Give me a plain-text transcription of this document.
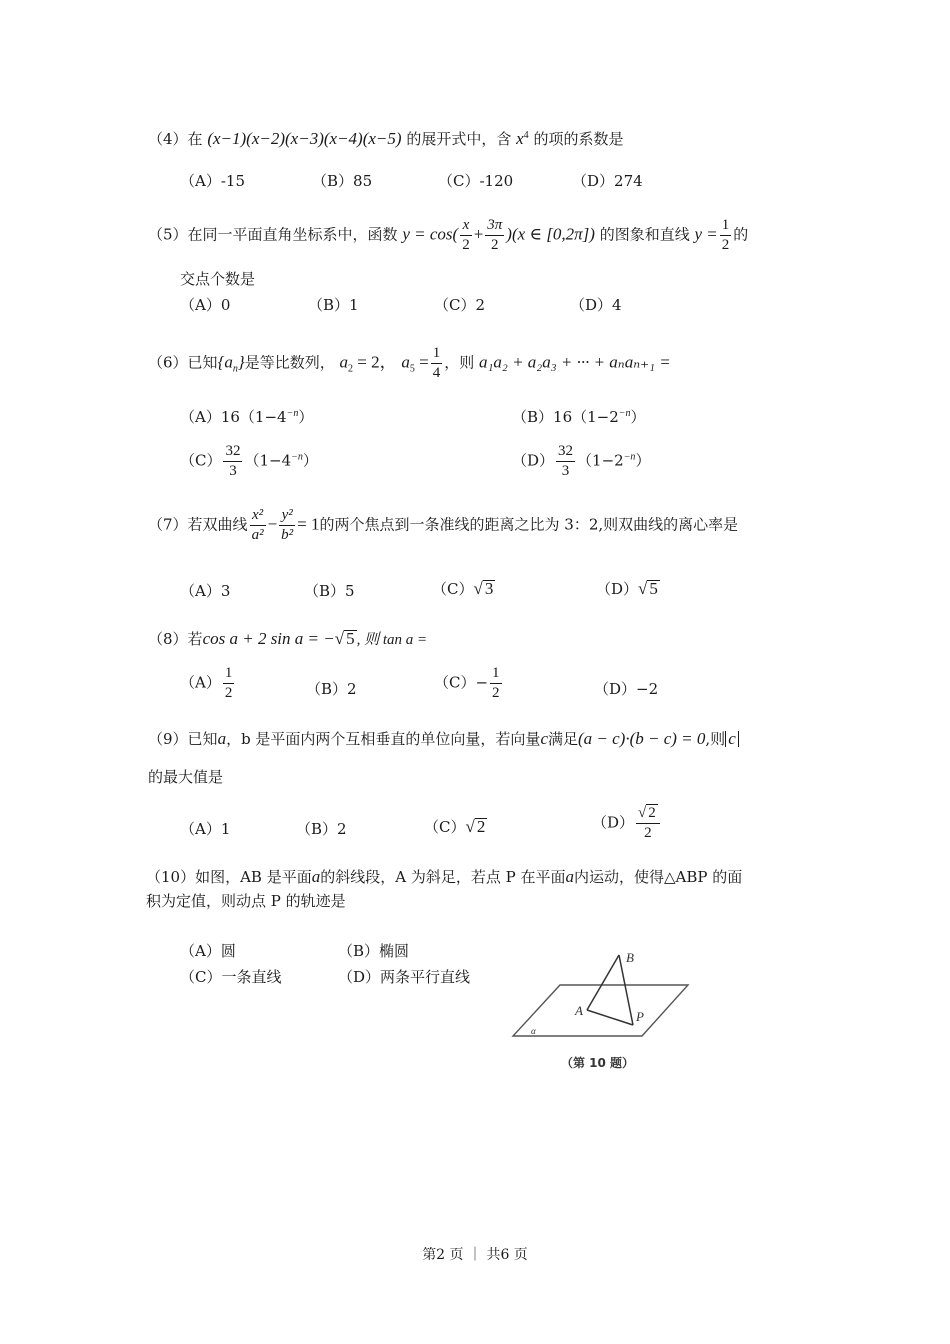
（4）在 (x−1)(x−2)(x−3)(x−4)(x−5) 的展开式中，含 $x^4$ 的项的系数是
（A）-15	（B）85	（C）-120	（D）274
（5）在同一平面直角坐标系中，函数 $y = \cos( \frac{x}{2} + \frac{3\pi}{2} )(x$ ∈ [0,2π]) 的图象和直线 $y = \frac{1}{2}$ 的
交点个数是
（A）0	（B）1	（C）2	（D）4
（6）已知$\{a_n\}$是等比数列， $a_2 = 2$， $a_5 = \frac{1}{4}$ ，则 a₁a₂ + a₂a₃ + ··· + aₙaₙ₊₁ =
$(A)16(1-4^{-n})$	$(B)16(1-2^{-n})$
$(C) \frac{32}{3} (1-4^{-n})$	$(D) \frac{32}{3} (1-2^{-n})$
（7）若双曲线 $\frac{\text{x²}}{\text{a²}} - \frac{\text{y²}}{\text{b²}} = 1$的两个焦点到一条准线的距离之比为 3：2,则双曲线的离心率是
（A）3	（B）5	（C）√ 3	（D）√ 5
（8）若cos a + 2 sin a = −√ 5 , 则 tan a =
$(A) \frac{1}{2}$	（B）2	$(C)- \frac{1}{2}$	（D）−2
（9）已知a，b 是平面内两个互相垂直的单位向量，若向量c满足(a − c)·(b − c) = 0,则 c
的最大值是
（A）1	（B）2	（C）√ 2	$(D) \frac{√ 2}{2}$
（10）如图，AB 是平面a的斜线段，A 为斜足，若点 P 在平面a内运动，使得△ABP 的面
积为定值，则动点 P 的轨迹是
（A）圆	（B）椭圆
（C）一条直线	（D）两条平行直线
B
A	P
α
（第 10 题）
第2 页 ｜ 共6 页
